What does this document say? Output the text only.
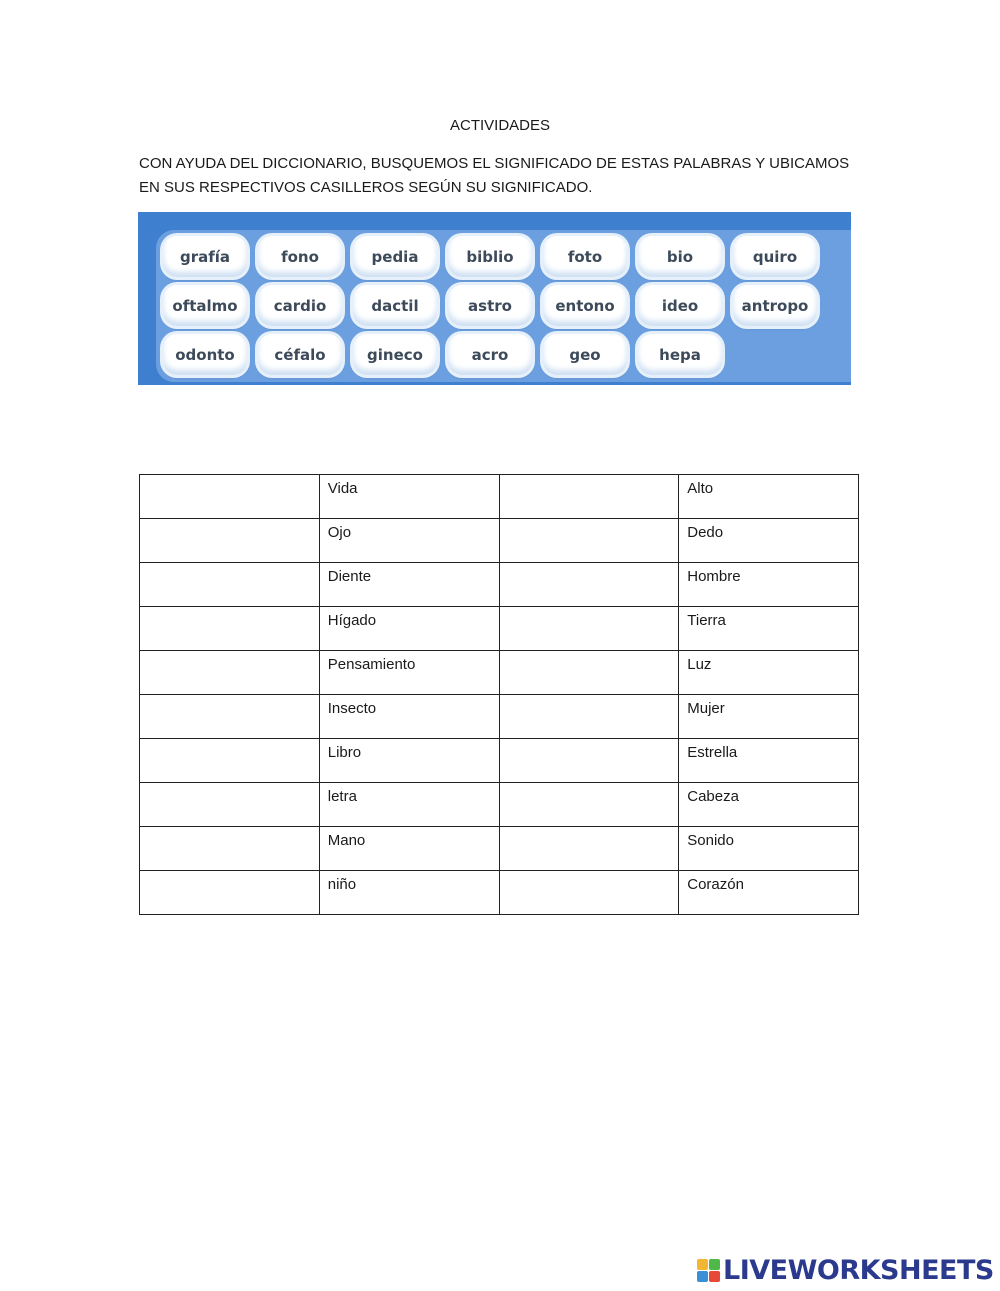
ACTIVIDADES
CON AYUDA DEL DICCIONARIO, BUSQUEMOS EL SIGNIFICADO DE ESTAS PALABRAS Y UBICAMOS EN SUS RESPECTIVOS CASILLEROS SEGÚN SU SIGNIFICADO.
grafía	fono	pedia	biblio	foto	bio	quiro
oftalmo	cardio	dactil	astro	entono	ideo	antropo
odonto	céfalo	gineco	acro	geo	hepa
	Vida		Alto
	Ojo		Dedo
	Diente		Hombre
	Hígado		Tierra
	Pensamiento		Luz
	Insecto		Mujer
	Libro		Estrella
	letra		Cabeza
	Mano		Sonido
	niño		Corazón
LIVEWORKSHEETS
